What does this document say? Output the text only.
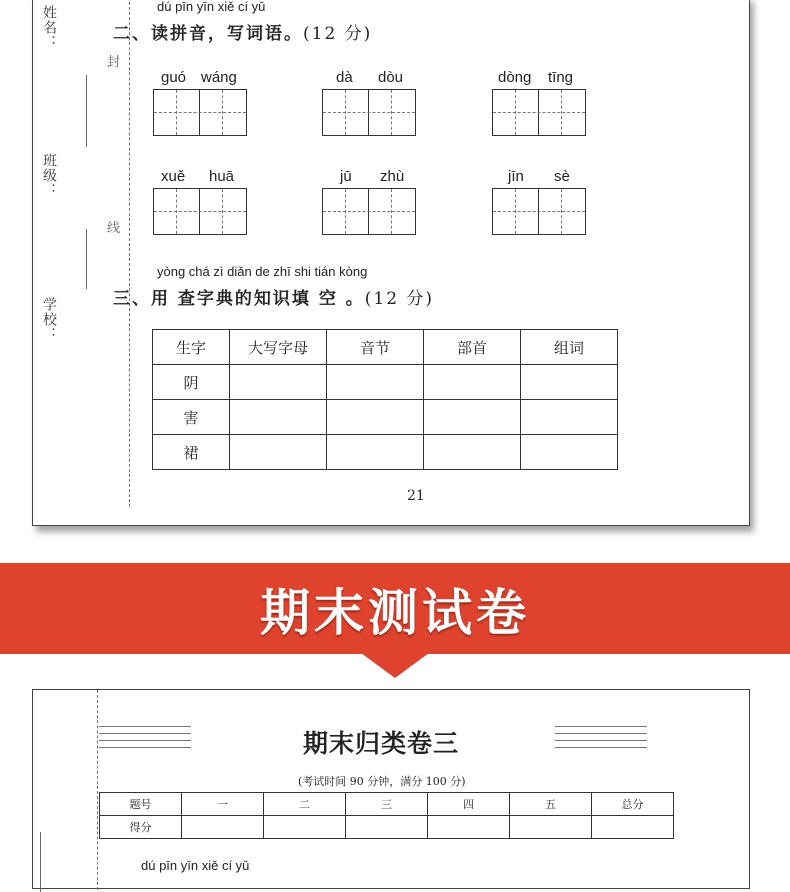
姓名：
班级：
学校：
封
线
dú pīn yīn xiě cí yǔ
二、读拼音，写词语。(12 分)
guó wáng	dà dòu	dòng tīng
xuě huā	jū zhù	jīn sè
yòng chá zì diǎn de zhī shi tián kòng
三、用 查字典的知识填 空 。(12 分)
21
生字	大写字母	音节	部首	组词
阴				
害				
裙				
期末测试卷
期末归类卷三
(考试时间 90 分钟，满分 100 分)
题号	一	二	三	四	五	总分
得分						
dú pīn yīn xiě cí yǔ
